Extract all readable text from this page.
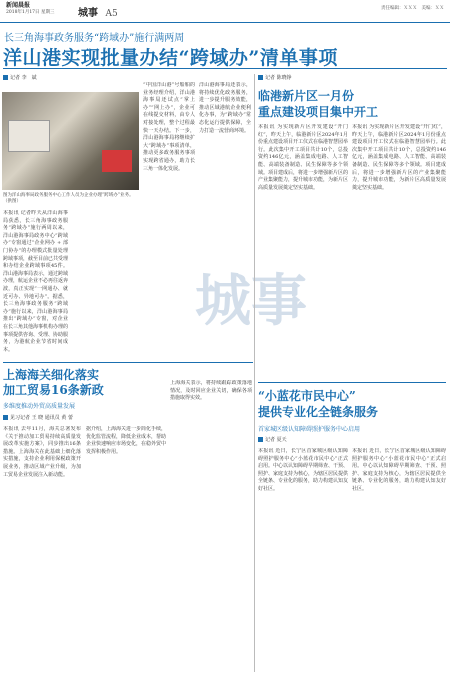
新闻晨报
2018年1月17日 星期三 城事 A5
责任编辑：ＸＸＸ　美编：ＸＸ
长三角海事政务服务“跨域办”施行满两周
洋山港实现批量办结“跨域办”清单事项
记者 李　斌
图为洋山海事局政务服务中心工作人员为企业办理“跨域办”业务。（供图）
本报讯 记者昨天从洋山海事局获悉，长三角海事政务服务“跨域办”施行两周以来，洋山港海事局政务中心“跨域办”专窗通过“企业网办 + 部门协办”的办理模式批量处理跨域事项，截至目前已共受理和办结企业跨域事项45件。洋山港海事局表示，通过跨域办理，航运企业不必再往返奔波，真正实现“一网通办、就近可办、异地可办”。据悉，长三角海事政务服务“跨域办”施行以来，洋山港海事局推出“跨域办”专窗，对企业在长三角其他海事机构办理的事项提供咨询、受理、协助服务，为港航企业节省时间成本。
“中国洋山港”号船舶的业务经理介绍，洋山港海事局还试点“掌上办”“网上办”，企业可在线提交材料，由专人对接处理，整个过程最快一天办结。下一步，洋山港海事局将继续扩大“跨域办”事项清单，推动更多政务服务事项实现跨省通办，助力长三角一体化发展。
洋山港海事局还表示，将持续优化政务服务，进一步提升服务效能，推动区域港航企业便利化办事，为“跨域办”常态化运行提供保障，全力打造一流营商环境。
城事
上海海关细化落实
加工贸易16条新政
多维度推动外贸高质量发展
见习记者 王 晓 通讯员 黄 蕾
本报讯 去年11月，海关总署发布《关于推动加工贸易持续高质量发展改革实施方案》，同步推出16条措施。上海海关在此基础上细化落实措施，支持企业利用保税政策开展业务，推动区域产业升级，为加工贸易企业发展注入新动能。
据介绍，上海海关进一步简化手续，优化监管流程，降低企业成本，帮助企业快速响应市场变化，在稳外贸中发挥积极作用。
上海海关表示，将持续跟踪政策落地情况，及时回应企业关切，确保各项措施取得实效。
记者 陈晓铮
临港新片区一月份
重点建设项目集中开工
本报讯 为实现新片区开发建设“开门红”，昨天上午，临港新片区2024年1月份重点建设项目开工仪式在临港智慧园举行。此次集中开工项目共计10个，总投资约146亿元，涵盖集成电路、人工智能、高端装备制造、民生保障等多个领域。项目建成后，将进一步增强新片区的产业集聚能力，提升城市功能，为新片区高质量发展奠定坚实基础。
本报讯 为实现新片区开发建设“开门红”，昨天上午，临港新片区2024年1月份重点建设项目开工仪式在临港智慧园举行。此次集中开工项目共计10个，总投资约146亿元，涵盖集成电路、人工智能、高端装备制造、民生保障等多个领域。项目建成后，将进一步增强新片区的产业集聚能力，提升城市功能，为新片区高质量发展奠定坚实基础。
“小蓝花市民中心”
提供专业化全链条服务
首家城区级认知障碍照护服务中心启用
记者 夏天
本报讯 近日，长宁区首家城区级认知障碍照护服务中心“小蓝花市民中心”正式启用。中心以认知障碍早期筛查、干预、照护、家庭支持为核心，为辖区居民提供全链条、专业化的服务，助力构建认知友好社区。
本报讯 近日，长宁区首家城区级认知障碍照护服务中心“小蓝花市民中心”正式启用。中心以认知障碍早期筛查、干预、照护、家庭支持为核心，为辖区居民提供全链条、专业化的服务，助力构建认知友好社区。
